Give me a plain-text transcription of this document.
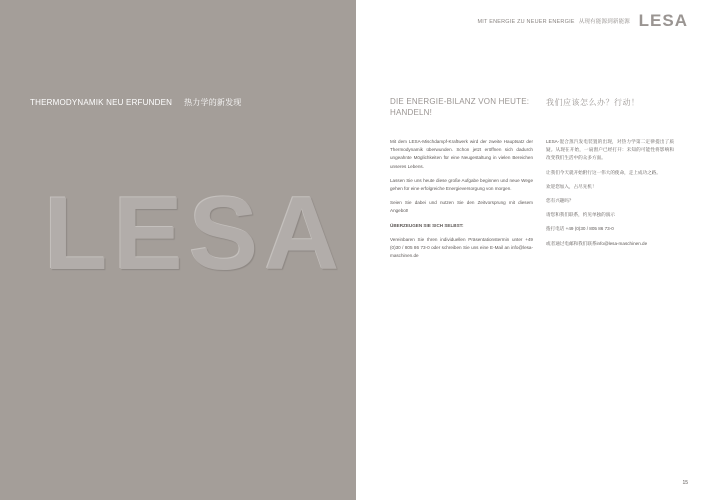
THERMODYNAMIK NEU ERFUNDEN 热力学的新发现
LESA
MIT ENERGIE ZU NEUER ENERGIE 从现有能源到新能源 LESA
DIE ENERGIE-BILANZ VON HEUTE: HANDELN!
我们应该怎么办？行动！

Mit dem LESA-Mischdampf-Kraftwerk wird der zweite Hauptsatz der Thermodynamik überwunden. Schon jetzt eröffnen sich dadurch ungeahnte Möglichkeiten für eine Neugestaltung in vielen Bereichen unseres Lebens.

Lassen Sie uns heute diese große Aufgabe beginnen und neue Wege gehen für eine erfolgreiche Energieversorgung von morgen.

Seien Sie dabei und nutzen Sie den Zeitvorsprung mit diesem Angebot!

ÜBERZEUGEN SIE SICH SELBST:

Vereinbaren Sie Ihren individuellen Präsentationstermin unter +49 (0)30 / 805 86 73-0 oder schreiben Sie uns eine E-Mail an info@lesa-maschinen.de

LESA-混合蒸汽发电装置的出现，对热力学第二定律提出了质疑。从现在开始，一扇窗户已经打开：未知的可能性将影响和改变我们生活中的众多方面。

让我们今天就开始附行这一伟大的使命，走上成功之路。

欢迎您加入，占尽先机！

您有兴趣吗？

请您和我们联系，约见单独的演示

拨打电话 +49 (0)30 / 805 86 73-0

或者通过电邮和我们联系info@lesa-maschinen.de

15
